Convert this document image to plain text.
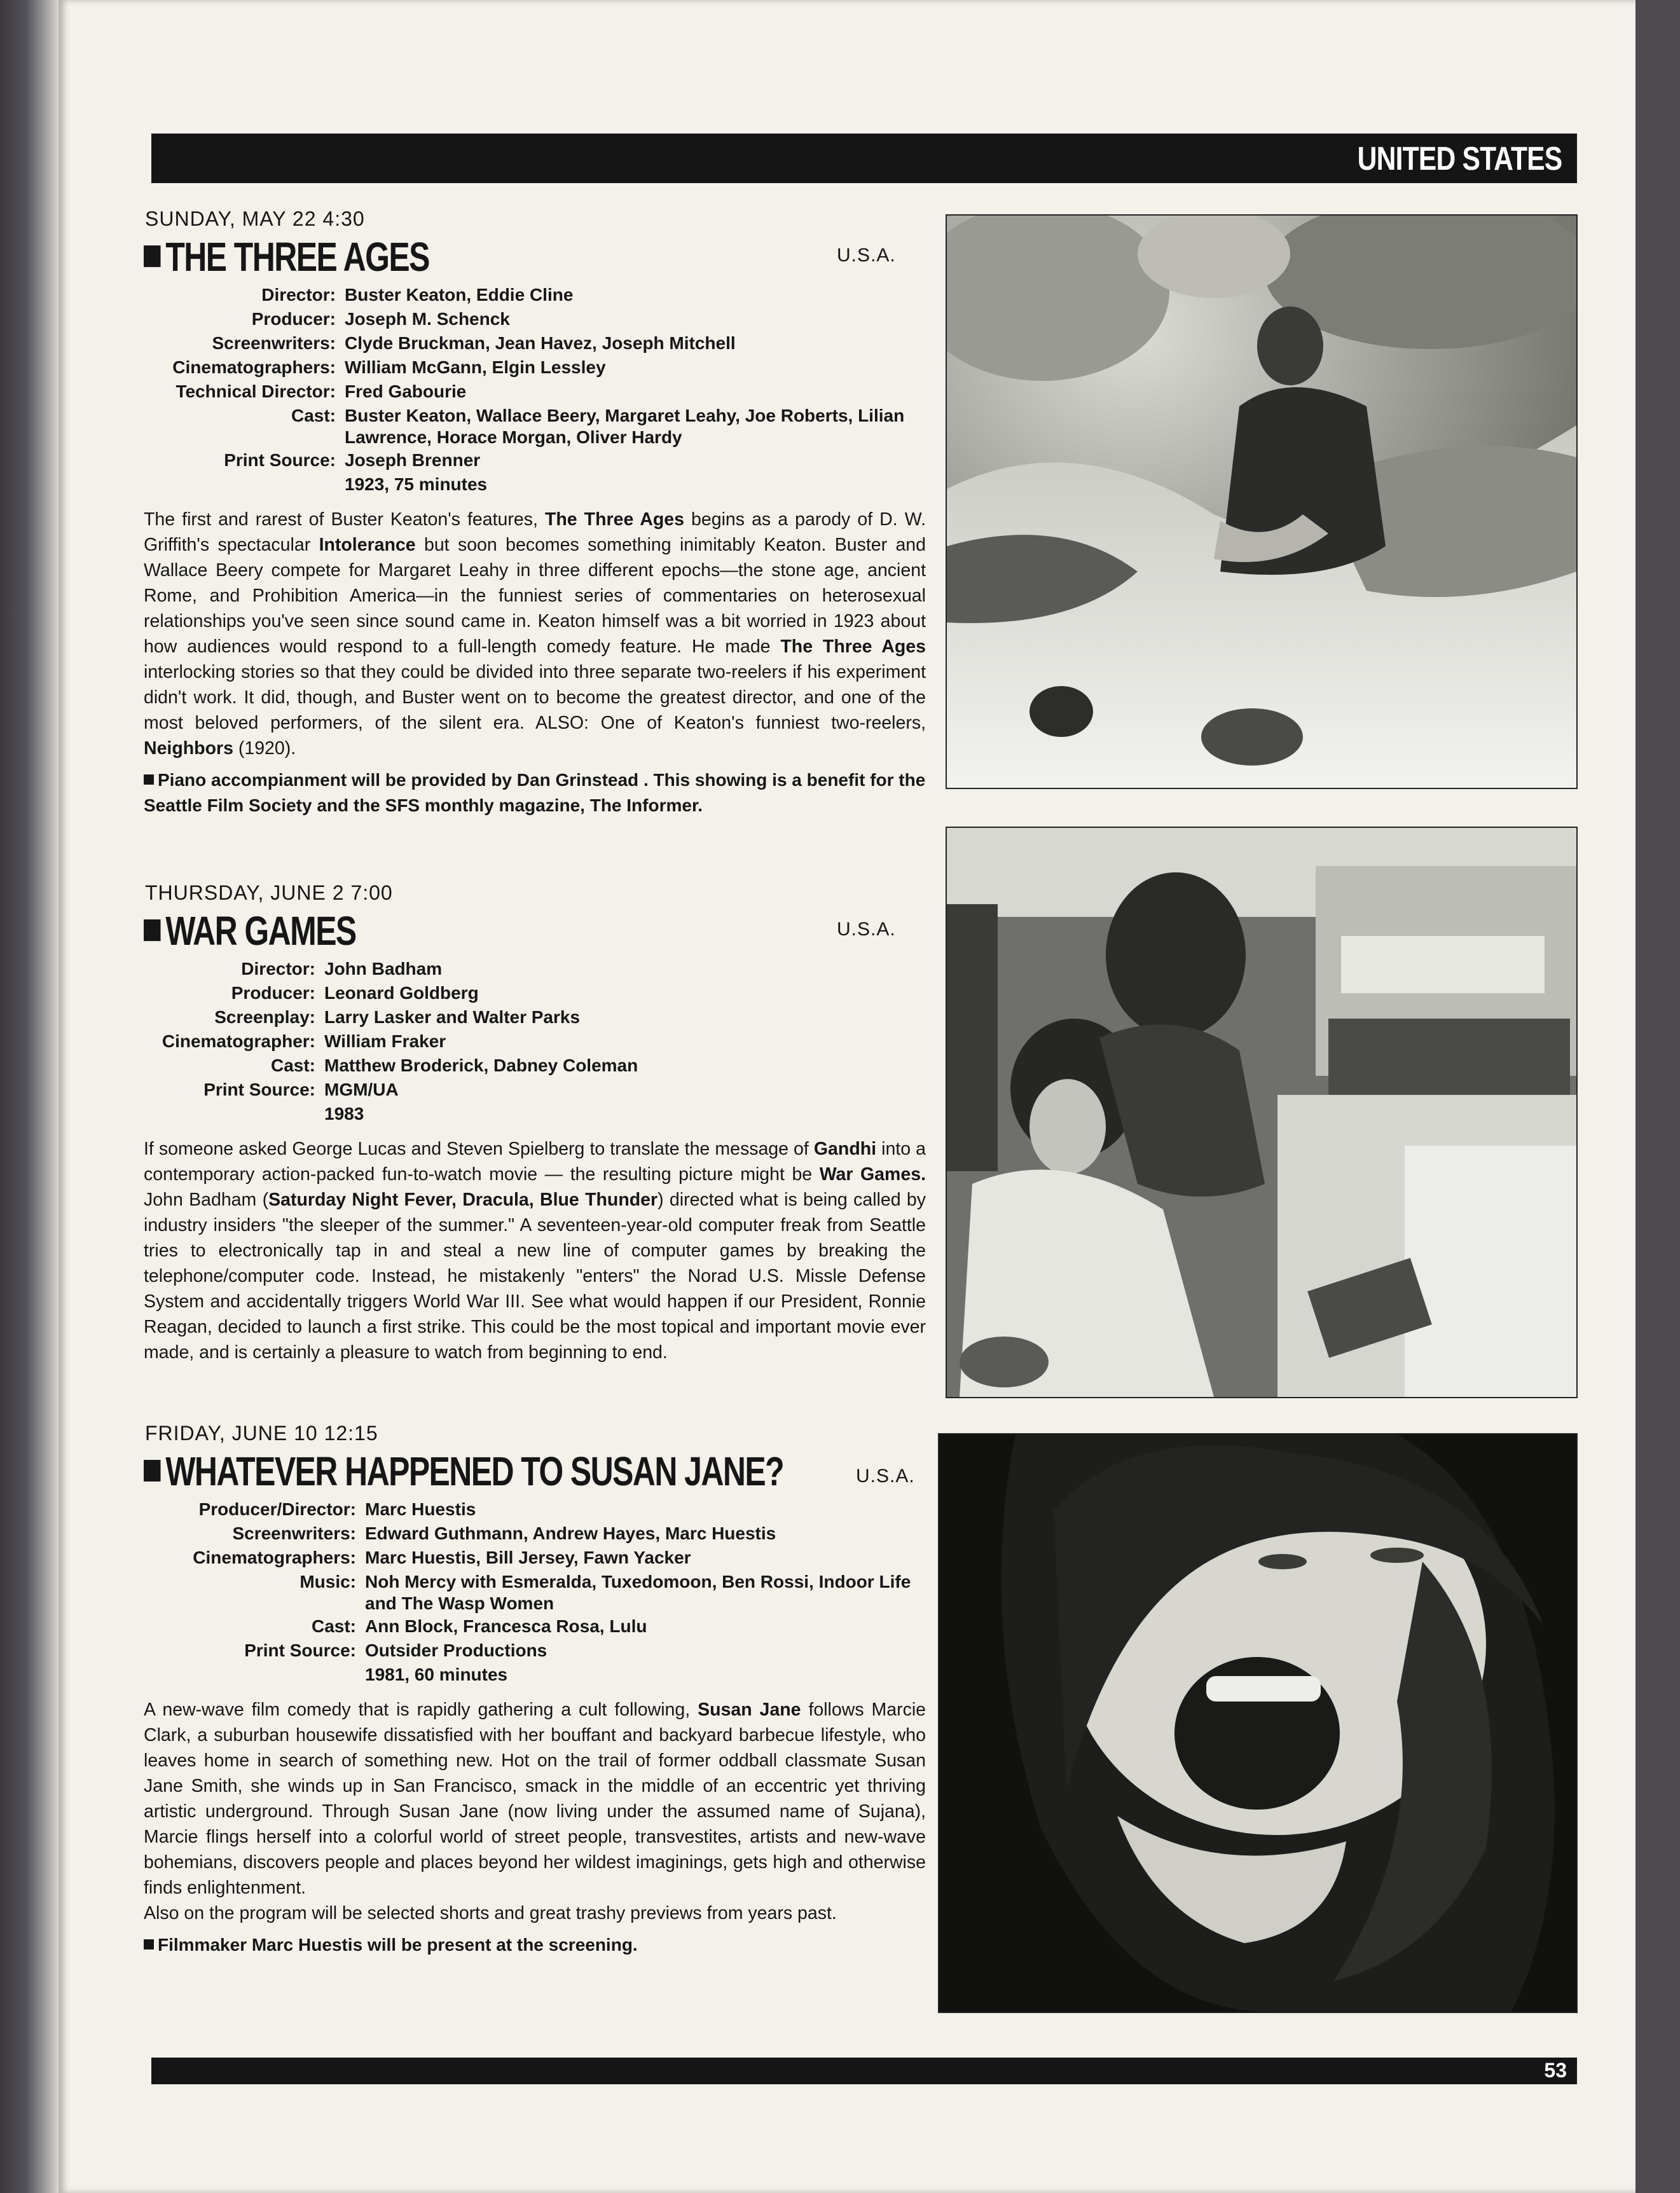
UNITED STATES
SUNDAY, MAY 22 4:30
THE THREE AGES	U.S.A.
Director: Buster Keaton, Eddie Cline
Producer: Joseph M. Schenck
Screenwriters: Clyde Bruckman, Jean Havez, Joseph Mitchell
Cinematographers: William McGann, Elgin Lessley
Technical Director: Fred Gabourie
Cast: Buster Keaton, Wallace Beery, Margaret Leahy, Joe Roberts, Lilian Lawrence, Horace Morgan, Oliver Hardy
Print Source: Joseph Brenner
1923, 75 minutes
The first and rarest of Buster Keaton's features, The Three Ages begins as a parody of D. W. Griffith's spectacular Intolerance but soon becomes something inimitably Keaton. Buster and Wallace Beery compete for Margaret Leahy in three different epochs—the stone age, ancient Rome, and Prohibition America—in the funniest series of commentaries on heterosexual relationships you've seen since sound came in. Keaton himself was a bit worried in 1923 about how audiences would respond to a full-length comedy feature. He made The Three Ages interlocking stories so that they could be divided into three separate two-reelers if his experiment didn't work. It did, though, and Buster went on to become the greatest director, and one of the most beloved performers, of the silent era. ALSO: One of Keaton's funniest two-reelers, Neighbors (1920).
Piano accompianment will be provided by Dan Grinstead . This showing is a benefit for the Seattle Film Society and the SFS monthly magazine, The Informer.
THURSDAY, JUNE 2 7:00
WAR GAMES	U.S.A.
Director: John Badham
Producer: Leonard Goldberg
Screenplay: Larry Lasker and Walter Parks
Cinematographer: William Fraker
Cast: Matthew Broderick, Dabney Coleman
Print Source: MGM/UA
1983
If someone asked George Lucas and Steven Spielberg to translate the message of Gandhi into a contemporary action-packed fun-to-watch movie — the resulting picture might be War Games. John Badham (Saturday Night Fever, Dracula, Blue Thunder) directed what is being called by industry insiders "the sleeper of the summer." A seventeen-year-old computer freak from Seattle tries to electronically tap in and steal a new line of computer games by breaking the telephone/computer code. Instead, he mistakenly "enters" the Norad U.S. Missle Defense System and accidentally triggers World War III. See what would happen if our President, Ronnie Reagan, decided to launch a first strike. This could be the most topical and important movie ever made, and is certainly a pleasure to watch from beginning to end.
FRIDAY, JUNE 10 12:15
WHATEVER HAPPENED TO SUSAN JANE?	U.S.A.
Producer/Director: Marc Huestis
Screenwriters: Edward Guthmann, Andrew Hayes, Marc Huestis
Cinematographers: Marc Huestis, Bill Jersey, Fawn Yacker
Music: Noh Mercy with Esmeralda, Tuxedomoon, Ben Rossi, Indoor Life and The Wasp Women
Cast: Ann Block, Francesca Rosa, Lulu
Print Source: Outsider Productions
1981, 60 minutes
A new-wave film comedy that is rapidly gathering a cult following, Susan Jane follows Marcie Clark, a suburban housewife dissatisfied with her bouffant and backyard barbecue lifestyle, who leaves home in search of something new. Hot on the trail of former oddball classmate Susan Jane Smith, she winds up in San Francisco, smack in the middle of an eccentric yet thriving artistic underground. Through Susan Jane (now living under the assumed name of Sujana), Marcie flings herself into a colorful world of street people, transvestites, artists and new-wave bohemians, discovers people and places beyond her wildest imaginings, gets high and otherwise finds enlightenment.
Also on the program will be selected shorts and great trashy previews from years past.
Filmmaker Marc Huestis will be present at the screening.
53
